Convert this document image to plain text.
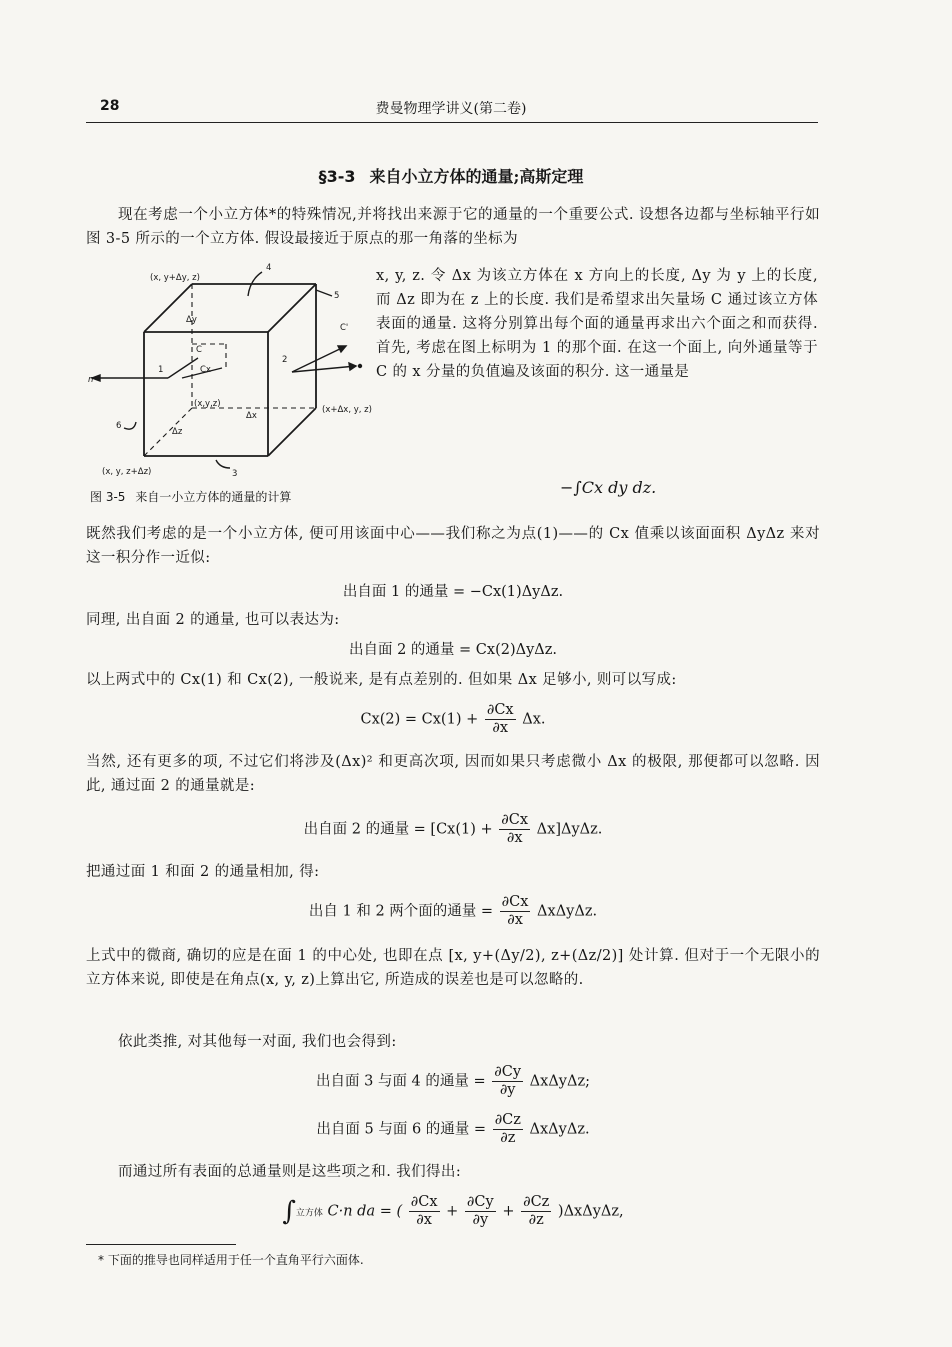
28	费曼物理学讲义(第二卷)
§3-3 来自小立方体的通量;高斯定理
现在考虑一个小立方体*的特殊情况,并将找出来源于它的通量的一个重要公式. 设想各边都与坐标轴平行如图 3-5 所示的一个立方体. 假设最接近于原点的那一角落的坐标为
(x, y+Δy, z)
(x+Δx, y, z)
(x, y, z+Δz)
(x,y,z)
Δy
Δx
Δz
C
Cx
C'
1
2
3
4
5
6
n
图 3-5 来自一小立方体的通量的计算
x, y, z. 令 Δx 为该立方体在 x 方向上的长度, Δy 为 y 上的长度, 而 Δz 即为在 z 上的长度. 我们是希望求出矢量场 C 通过该立方体表面的通量. 这将分别算出每个面的通量再求出六个面之和而获得. 首先, 考虑在图上标明为 1 的那个面. 在这一个面上, 向外通量等于 C 的 x 分量的负值遍及该面的积分. 这一通量是
−∫Cx dy dz.
既然我们考虑的是一个小立方体, 便可用该面中心——我们称之为点(1)——的 Cx 值乘以该面面积 ΔyΔz 来对这一积分作一近似:
出自面 1 的通量 = −Cx(1)ΔyΔz.
同理, 出自面 2 的通量, 也可以表达为:
出自面 2 的通量 = Cx(2)ΔyΔz.
以上两式中的 Cx(1) 和 Cx(2), 一般说来, 是有点差别的. 但如果 Δx 足够小, 则可以写成:
$Cx(2) = Cx(1) + \frac{\partial Cx}{\partial x} \Delta x$.
当然, 还有更多的项, 不过它们将涉及(Δx)² 和更高次项, 因而如果只考虑微小 Δx 的极限, 那便都可以忽略. 因此, 通过面 2 的通量就是:
出自面 2 的通量 = $[Cx(1) + \frac{\partial Cx}{\partial x} \Delta x]\Delta y\Delta z$.
把通过面 1 和面 2 的通量相加, 得:
出自 1 和 2 两个面的通量 = $\frac{\partial Cx}{\partial x} \Delta x\Delta y\Delta z$.
上式中的微商, 确切的应是在面 1 的中心处, 也即在点 [x, y+(Δy/2), z+(Δz/2)] 处计算. 但对于一个无限小的立方体来说, 即使是在角点(x, y, z)上算出它, 所造成的误差也是可以忽略的.
依此类推, 对其他每一对面, 我们也会得到:
出自面 3 与面 4 的通量 = $\frac{\partial Cy}{\partial y} \Delta x\Delta y\Delta z$;
出自面 5 与面 6 的通量 = $\frac{\partial Cz}{\partial z} \Delta x\Delta y\Delta z$.
而通过所有表面的总通量则是这些项之和. 我们得出:
∫立方体 C·n da = ( $\frac{\partial Cx}{\partial x} + \frac{\partial Cy}{\partial y} + \frac{\partial Cz}{\partial z} )\Delta x\Delta y\Delta z$,
* 下面的推导也同样适用于任一个直角平行六面体.
